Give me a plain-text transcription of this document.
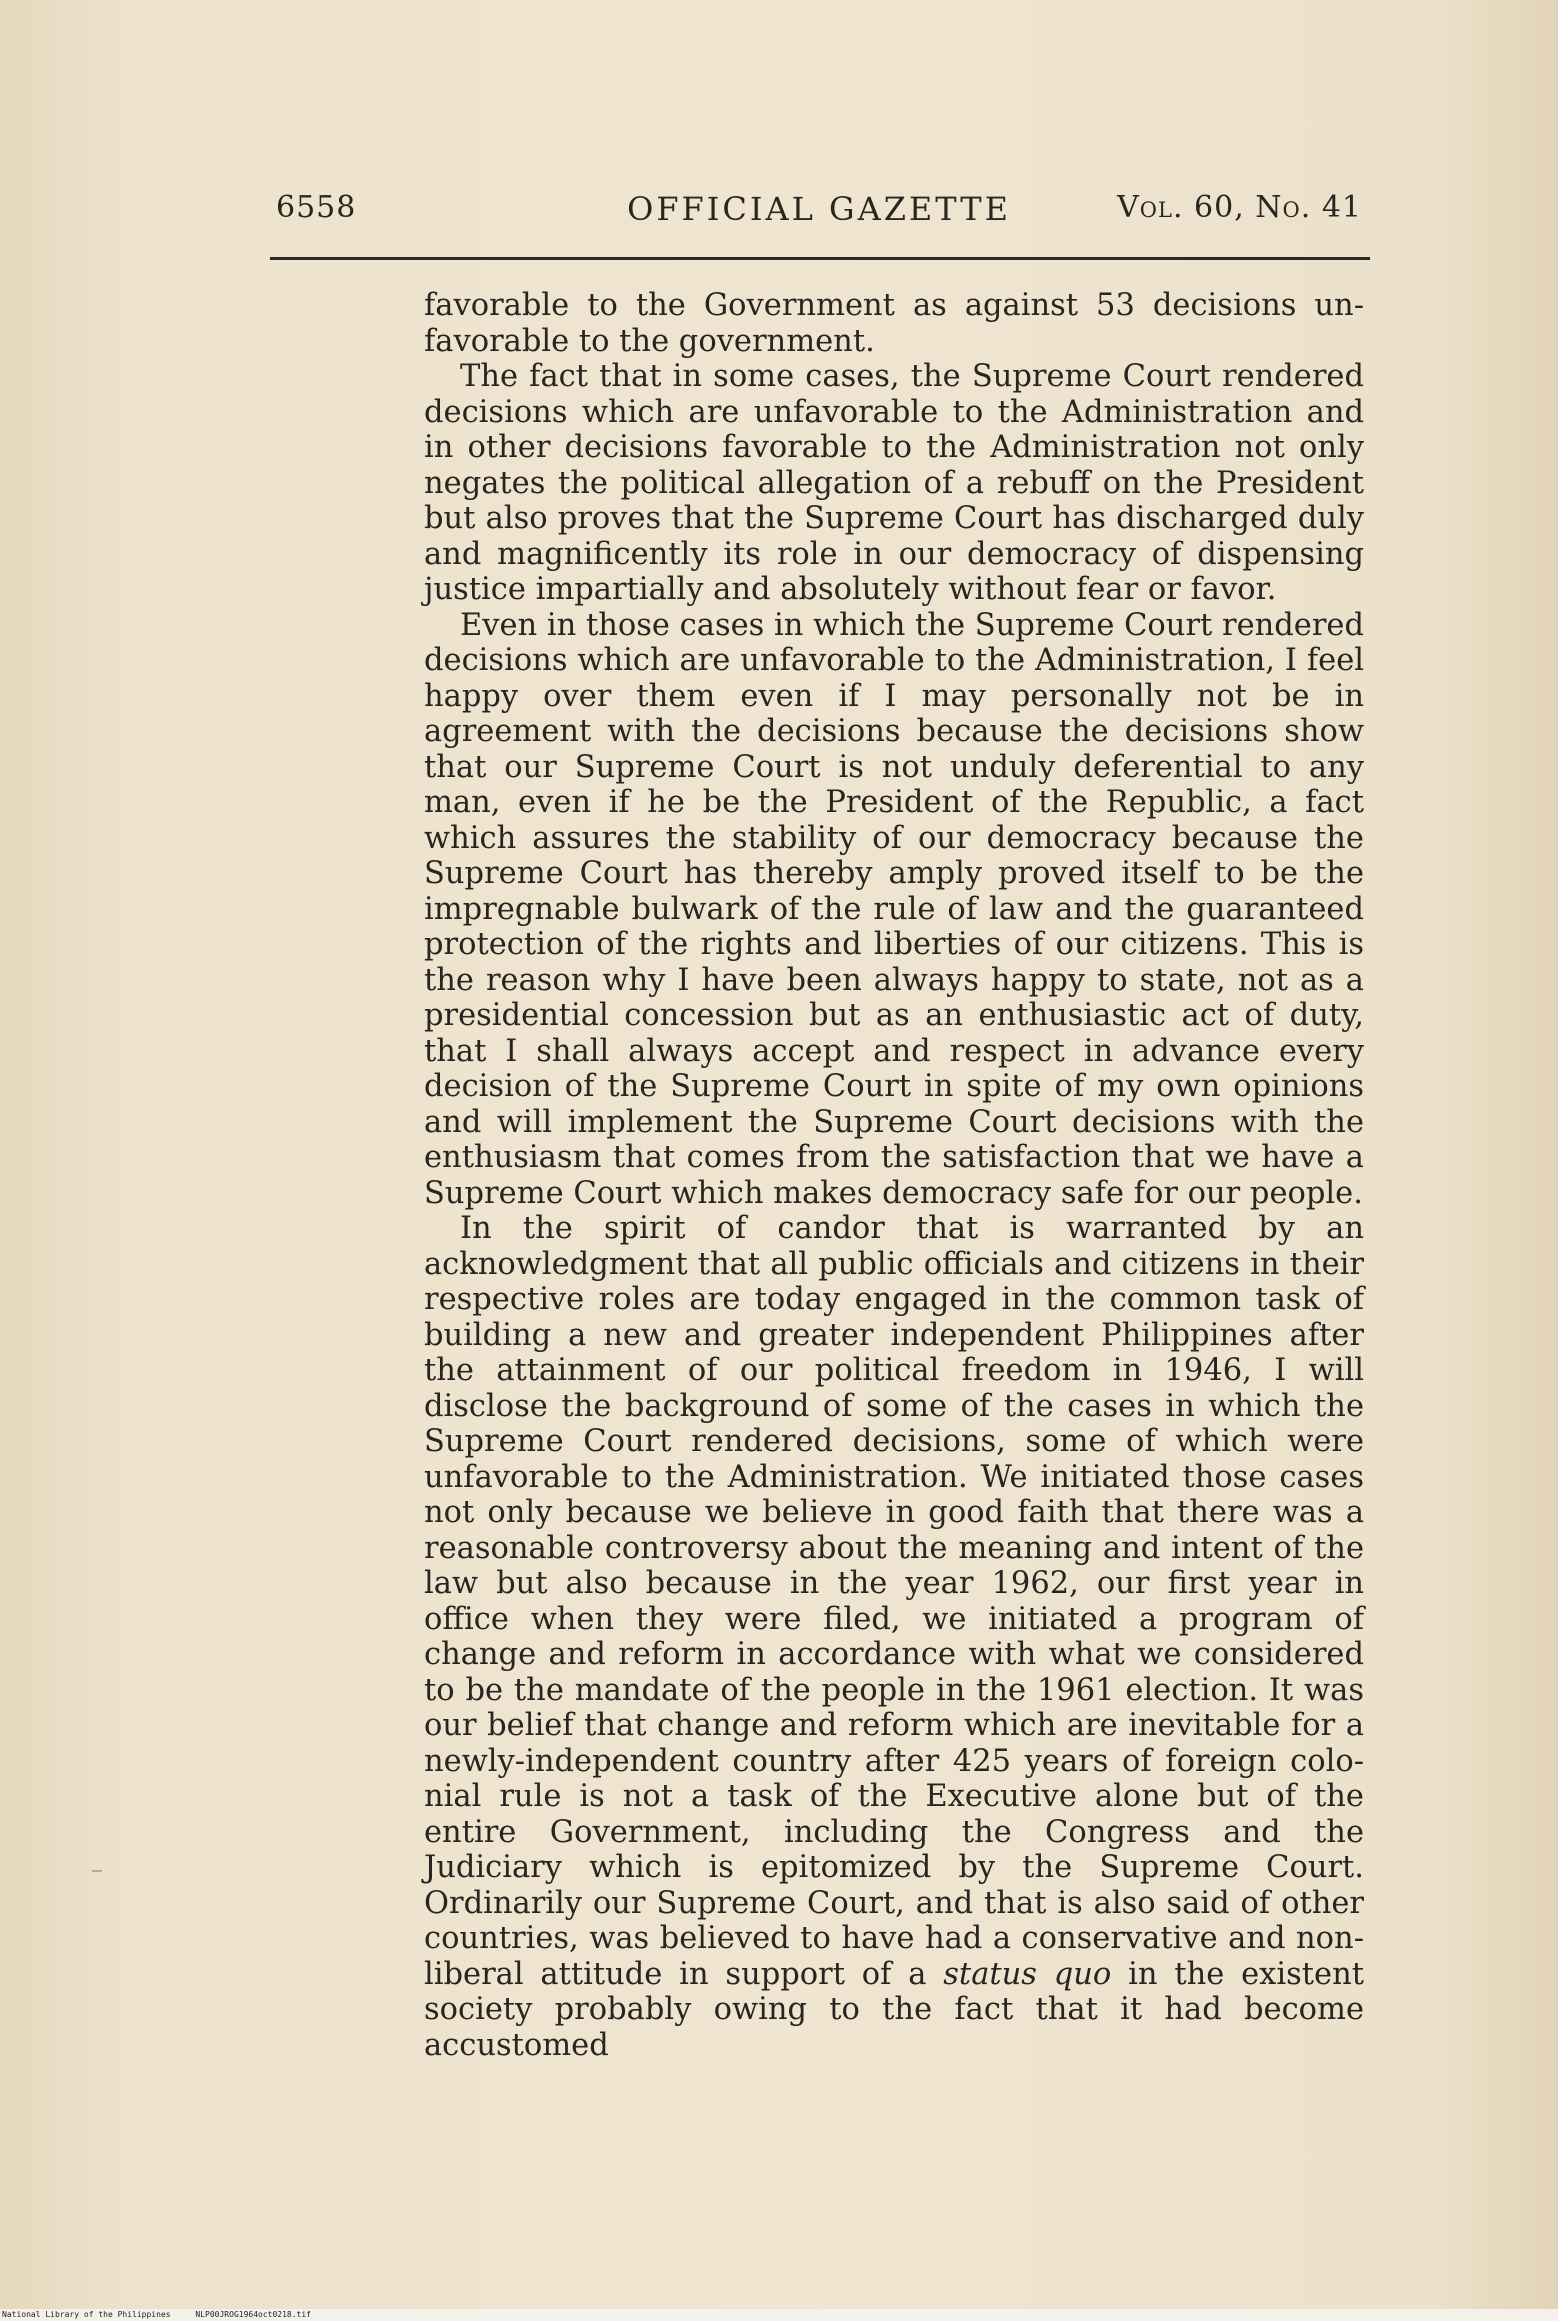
6558	OFFICIAL GAZETTE	Vol. 60, No. 41

favorable to the Government as against 53 decisions unfavorable to the government.

The fact that in some cases, the Supreme Court rendered decisions which are unfavorable to the Administration and in other decisions favorable to the Administration not only negates the political allegation of a rebuff on the President but also proves that the Supreme Court has discharged duly and magnificently its role in our democracy of dispensing justice impartially and absolutely without fear or favor.

Even in those cases in which the Supreme Court rendered decisions which are unfavorable to the Administration, I feel happy over them even if I may personally not be in agreement with the decisions because the decisions show that our Supreme Court is not unduly deferential to any man, even if he be the President of the Republic, a fact which assures the stability of our democracy because the Supreme Court has thereby amply proved itself to be the impregnable bulwark of the rule of law and the guaranteed protection of the rights and liberties of our citizens. This is the reason why I have been always happy to state, not as a presidential concession but as an enthusiastic act of duty, that I shall always accept and respect in advance every decision of the Supreme Court in spite of my own opinions and will implement the Supreme Court decisions with the enthusiasm that comes from the satisfaction that we have a Supreme Court which makes democracy safe for our people.

In the spirit of candor that is warranted by an acknowledgment that all public officials and citizens in their respective roles are today engaged in the common task of building a new and greater independent Philippines after the attainment of our political freedom in 1946, I will disclose the background of some of the cases in which the Supreme Court rendered decisions, some of which were unfavorable to the Administration. We initiated those cases not only because we believe in good faith that there was a reasonable controversy about the meaning and intent of the law but also because in the year 1962, our first year in office when they were filed, we initiated a program of change and reform in accordance with what we considered to be the mandate of the people in the 1961 election. It was our belief that change and reform which are inevitable for a newly-independent country after 425 years of foreign colonial rule is not a task of the Executive alone but of the entire Government, including the Congress and the Judiciary which is epitomized by the Supreme Court. Ordinarily our Supreme Court, and that is also said of other countries, was believed to have had a conservative and non-liberal attitude in support of a status quo in the existent society probably owing to the fact that it had become accustomed

National Library of the Philippines	NLP00JROG1964oct0218.tif
